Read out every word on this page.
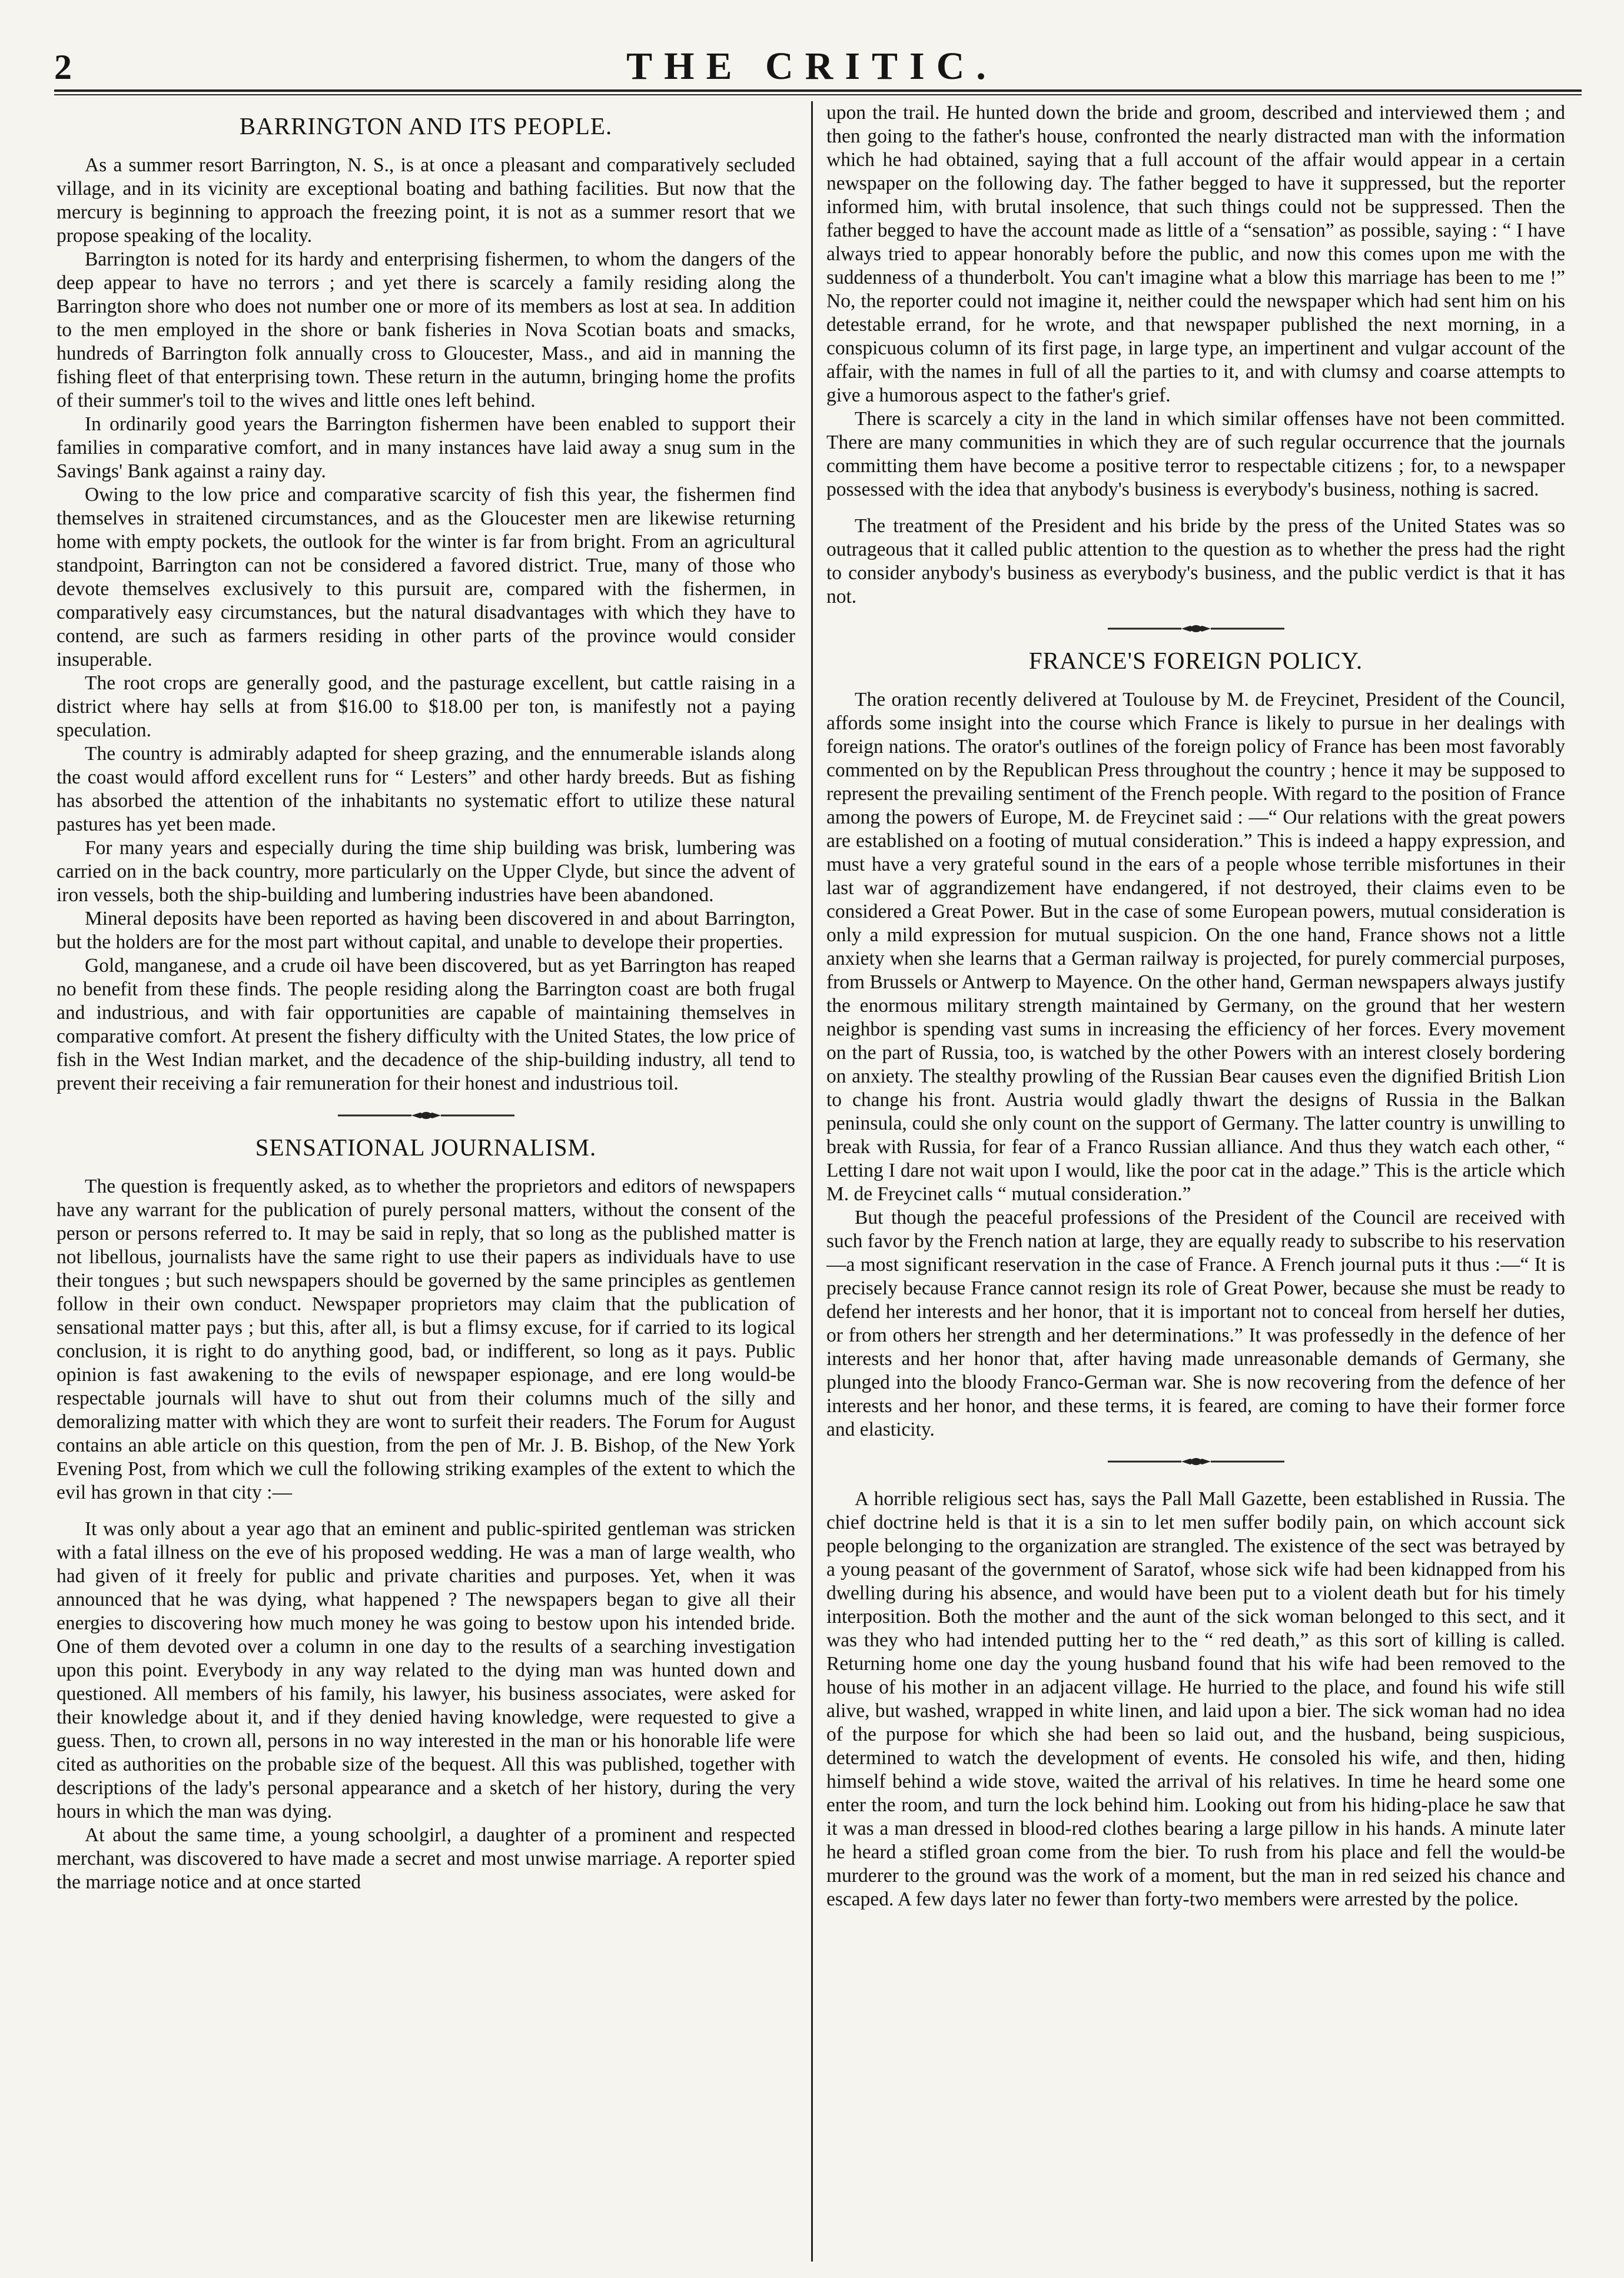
2	THE CRITIC.
BARRINGTON AND ITS PEOPLE.

As a summer resort Barrington, N. S., is at once a pleasant and comparatively secluded village, and in its vicinity are exceptional boating and bathing facilities. But now that the mercury is beginning to approach the freezing point, it is not as a summer resort that we propose speaking of the locality.

Barrington is noted for its hardy and enterprising fishermen, to whom the dangers of the deep appear to have no terrors ; and yet there is scarcely a family residing along the Barrington shore who does not number one or more of its members as lost at sea. In addition to the men employed in the shore or bank fisheries in Nova Scotian boats and smacks, hundreds of Barrington folk annually cross to Gloucester, Mass., and aid in manning the fishing fleet of that enterprising town. These return in the autumn, bringing home the profits of their summer's toil to the wives and little ones left behind.

In ordinarily good years the Barrington fishermen have been enabled to support their families in comparative comfort, and in many instances have laid away a snug sum in the Savings' Bank against a rainy day.

Owing to the low price and comparative scarcity of fish this year, the fishermen find themselves in straitened circumstances, and as the Gloucester men are likewise returning home with empty pockets, the outlook for the winter is far from bright. From an agricultural standpoint, Barrington can not be considered a favored district. True, many of those who devote themselves exclusively to this pursuit are, compared with the fishermen, in comparatively easy circumstances, but the natural disadvantages with which they have to contend, are such as farmers residing in other parts of the province would consider insuperable.

The root crops are generally good, and the pasturage excellent, but cattle raising in a district where hay sells at from $16.00 to $18.00 per ton, is manifestly not a paying speculation.

The country is admirably adapted for sheep grazing, and the ennumerable islands along the coast would afford excellent runs for “ Lesters” and other hardy breeds. But as fishing has absorbed the attention of the inhabitants no systematic effort to utilize these natural pastures has yet been made.

For many years and especially during the time ship building was brisk, lumbering was carried on in the back country, more particularly on the Upper Clyde, but since the advent of iron vessels, both the ship-building and lumbering industries have been abandoned.

Mineral deposits have been reported as having been discovered in and about Barrington, but the holders are for the most part without capital, and unable to develope their properties.

Gold, manganese, and a crude oil have been discovered, but as yet Barrington has reaped no benefit from these finds. The people residing along the Barrington coast are both frugal and industrious, and with fair opportunities are capable of maintaining themselves in comparative comfort. At present the fishery difficulty with the United States, the low price of fish in the West Indian market, and the decadence of the ship-building industry, all tend to prevent their receiving a fair remuneration for their honest and industrious toil.

SENSATIONAL JOURNALISM.

The question is frequently asked, as to whether the proprietors and editors of newspapers have any warrant for the publication of purely personal matters, without the consent of the person or persons referred to. It may be said in reply, that so long as the published matter is not libellous, journalists have the same right to use their papers as individuals have to use their tongues ; but such newspapers should be governed by the same principles as gentlemen follow in their own conduct. Newspaper proprietors may claim that the publication of sensational matter pays ; but this, after all, is but a flimsy excuse, for if carried to its logical conclusion, it is right to do anything good, bad, or indifferent, so long as it pays. Public opinion is fast awakening to the evils of newspaper espionage, and ere long would-be respectable journals will have to shut out from their columns much of the silly and demoralizing matter with which they are wont to surfeit their readers. The Forum for August contains an able article on this question, from the pen of Mr. J. B. Bishop, of the New York Evening Post, from which we cull the following striking examples of the extent to which the evil has grown in that city :—

It was only about a year ago that an eminent and public-spirited gentleman was stricken with a fatal illness on the eve of his proposed wedding. He was a man of large wealth, who had given of it freely for public and private charities and purposes. Yet, when it was announced that he was dying, what happened ? The newspapers began to give all their energies to discovering how much money he was going to bestow upon his intended bride. One of them devoted over a column in one day to the results of a searching investigation upon this point. Everybody in any way related to the dying man was hunted down and questioned. All members of his family, his lawyer, his business associates, were asked for their knowledge about it, and if they denied having knowledge, were requested to give a guess. Then, to crown all, persons in no way interested in the man or his honorable life were cited as authorities on the probable size of the bequest. All this was published, together with descriptions of the lady's personal appearance and a sketch of her history, during the very hours in which the man was dying.

At about the same time, a young schoolgirl, a daughter of a prominent and respected merchant, was discovered to have made a secret and most unwise marriage. A reporter spied the marriage notice and at once started

upon the trail. He hunted down the bride and groom, described and interviewed them ; and then going to the father's house, confronted the nearly distracted man with the information which he had obtained, saying that a full account of the affair would appear in a certain newspaper on the following day. The father begged to have it suppressed, but the reporter informed him, with brutal insolence, that such things could not be suppressed. Then the father begged to have the account made as little of a “sensation” as possible, saying : “ I have always tried to appear honorably before the public, and now this comes upon me with the suddenness of a thunderbolt. You can't imagine what a blow this marriage has been to me !” No, the reporter could not imagine it, neither could the newspaper which had sent him on his detestable errand, for he wrote, and that newspaper published the next morning, in a conspicuous column of its first page, in large type, an impertinent and vulgar account of the affair, with the names in full of all the parties to it, and with clumsy and coarse attempts to give a humorous aspect to the father's grief.

There is scarcely a city in the land in which similar offenses have not been committed. There are many communities in which they are of such regular occurrence that the journals committing them have become a positive terror to respectable citizens ; for, to a newspaper possessed with the idea that anybody's business is everybody's business, nothing is sacred.

The treatment of the President and his bride by the press of the United States was so outrageous that it called public attention to the question as to whether the press had the right to consider anybody's business as everybody's business, and the public verdict is that it has not.

FRANCE'S FOREIGN POLICY.

The oration recently delivered at Toulouse by M. de Freycinet, President of the Council, affords some insight into the course which France is likely to pursue in her dealings with foreign nations. The orator's outlines of the foreign policy of France has been most favorably commented on by the Republican Press throughout the country ; hence it may be supposed to represent the prevailing sentiment of the French people. With regard to the position of France among the powers of Europe, M. de Freycinet said : —“ Our relations with the great powers are established on a footing of mutual consideration.” This is indeed a happy expression, and must have a very grateful sound in the ears of a people whose terrible misfortunes in their last war of aggrandizement have endangered, if not destroyed, their claims even to be considered a Great Power. But in the case of some European powers, mutual consideration is only a mild expression for mutual suspicion. On the one hand, France shows not a little anxiety when she learns that a German railway is projected, for purely commercial purposes, from Brussels or Antwerp to Mayence. On the other hand, German newspapers always justify the enormous military strength maintained by Germany, on the ground that her western neighbor is spending vast sums in increasing the efficiency of her forces. Every movement on the part of Russia, too, is watched by the other Powers with an interest closely bordering on anxiety. The stealthy prowling of the Russian Bear causes even the dignified British Lion to change his front. Austria would gladly thwart the designs of Russia in the Balkan peninsula, could she only count on the support of Germany. The latter country is unwilling to break with Russia, for fear of a Franco Russian alliance. And thus they watch each other, “ Letting I dare not wait upon I would, like the poor cat in the adage.” This is the article which M. de Freycinet calls “ mutual consideration.”

But though the peaceful professions of the President of the Council are received with such favor by the French nation at large, they are equally ready to subscribe to his reservation—a most significant reservation in the case of France. A French journal puts it thus :—“ It is precisely because France cannot resign its role of Great Power, because she must be ready to defend her interests and her honor, that it is important not to conceal from herself her duties, or from others her strength and her determinations.” It was professedly in the defence of her interests and her honor that, after having made unreasonable demands of Germany, she plunged into the bloody Franco-German war. She is now recovering from the defence of her interests and her honor, and these terms, it is feared, are coming to have their former force and elasticity.

A horrible religious sect has, says the Pall Mall Gazette, been established in Russia. The chief doctrine held is that it is a sin to let men suffer bodily pain, on which account sick people belonging to the organization are strangled. The existence of the sect was betrayed by a young peasant of the government of Saratof, whose sick wife had been kidnapped from his dwelling during his absence, and would have been put to a violent death but for his timely interposition. Both the mother and the aunt of the sick woman belonged to this sect, and it was they who had intended putting her to the “ red death,” as this sort of killing is called. Returning home one day the young husband found that his wife had been removed to the house of his mother in an adjacent village. He hurried to the place, and found his wife still alive, but washed, wrapped in white linen, and laid upon a bier. The sick woman had no idea of the purpose for which she had been so laid out, and the husband, being suspicious, determined to watch the development of events. He consoled his wife, and then, hiding himself behind a wide stove, waited the arrival of his relatives. In time he heard some one enter the room, and turn the lock behind him. Looking out from his hiding-place he saw that it was a man dressed in blood-red clothes bearing a large pillow in his hands. A minute later he heard a stifled groan come from the bier. To rush from his place and fell the would-be murderer to the ground was the work of a moment, but the man in red seized his chance and escaped. A few days later no fewer than forty-two members were arrested by the police.
